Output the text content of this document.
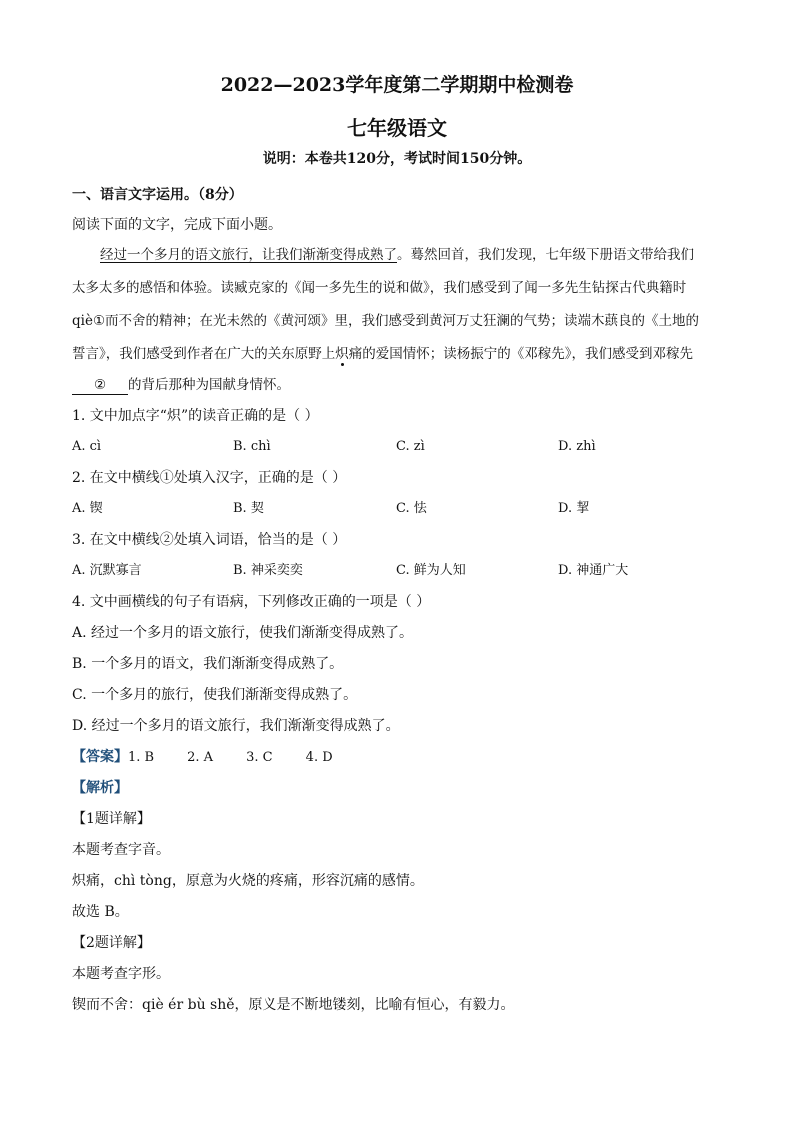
2022—2023学年度第二学期期中检测卷
七年级语文
说明：本卷共120分，考试时间150分钟。
一、语言文字运用。（8分）
阅读下面的文字，完成下面小题。
经过一个多月的语文旅行，让我们渐渐变得成熟了。蓦然回首，我们发现，七年级下册语文带给我们
太多太多的感悟和体验。读臧克家的《闻一多先生的说和做》，我们感受到了闻一多先生钻探古代典籍时
qiè①而不舍的精神；在光未然的《黄河颂》里，我们感受到黄河万丈狂澜的气势；读端木蕻良的《土地的
誓言》，我们感受到作者在广大的关东原野上炽痛的爱国情怀；读杨振宁的《邓稼先》，我们感受到邓稼先
② 的背后那种为国献身情怀。
1. 文中加点字“炽”的读音正确的是（ ）
A. cì	B. chì	C. zì	D. zhì
2. 在文中横线①处填入汉字，正确的是（ ）
A. 锲	B. 契	C. 怯	D. 挈
3. 在文中横线②处填入词语，恰当的是（ ）
A. 沉默寡言	B. 神采奕奕	C. 鲜为人知	D. 神通广大
4. 文中画横线的句子有语病，下列修改正确的一项是（ ）
A. 经过一个多月的语文旅行，使我们渐渐变得成熟了。
B. 一个多月的语文，我们渐渐变得成熟了。
C. 一个多月的旅行，使我们渐渐变得成熟了。
D. 经过一个多月的语文旅行，我们渐渐变得成熟了。
【答案】1. B        2. A        3. C        4. D
【解析】
【1题详解】
本题考查字音。
炽痛，chì tòng，原意为火烧的疼痛，形容沉痛的感情。
故选 B。
【2题详解】
本题考查字形。
锲而不舍：qiè ér bù shě，原义是不断地镂刻，比喻有恒心，有毅力。
